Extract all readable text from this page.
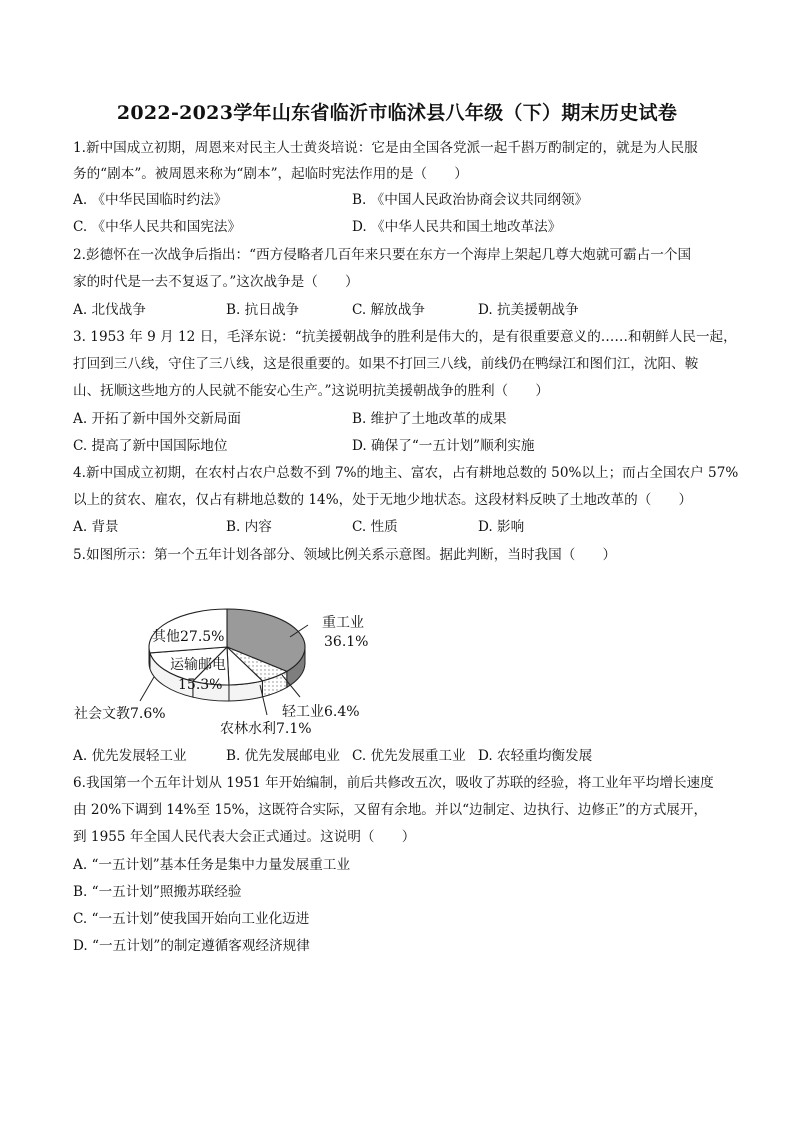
2022-2023学年山东省临沂市临沭县八年级（下）期末历史试卷
1.新中国成立初期，周恩来对民主人士黄炎培说：它是由全国各党派一起千斟万酌制定的，就是为人民服
务的“剧本”。被周恩来称为“剧本”，起临时宪法作用的是（　　）
A. 《中华民国临时约法》	B. 《中国人民政治协商会议共同纲领》
C. 《中华人民共和国宪法》	D. 《中华人民共和国土地改革法》
2.彭德怀在一次战争后指出：“西方侵略者几百年来只要在东方一个海岸上架起几尊大炮就可霸占一个国
家的时代是一去不复返了。”这次战争是（　　）
A. 北伐战争	B. 抗日战争	C. 解放战争	D. 抗美援朝战争
3. 1953 年 9 月 12 日，毛泽东说：“抗美援朝战争的胜利是伟大的，是有很重要意义的……和朝鲜人民一起，
打回到三八线，守住了三八线，这是很重要的。如果不打回三八线，前线仍在鸭绿江和图们江，沈阳、鞍
山、抚顺这些地方的人民就不能安心生产。”这说明抗美援朝战争的胜利（　　）
A. 开拓了新中国外交新局面	B. 维护了土地改革的成果
C. 提高了新中国国际地位	D. 确保了“一五计划”顺利实施
4.新中国成立初期，在农村占农户总数不到 7%的地主、富农，占有耕地总数的 50%以上；而占全国农户 57%
以上的贫农、雇农，仅占有耕地总数的 14%，处于无地少地状态。这段材料反映了土地改革的（　　）
A. 背景	B. 内容	C. 性质	D. 影响
5.如图所示：第一个五年计划各部分、领域比例关系示意图。据此判断，当时我国（　　）
重工业
36.1%
轻工业6.4%
农林水利7.1%
社会文教7.6%
运输邮电
15.3%
其他27.5%
A. 优先发展轻工业	B. 优先发展邮电业 C. 优先发展重工业 D. 农轻重均衡发展
6.我国第一个五年计划从 1951 年开始编制，前后共修改五次，吸收了苏联的经验，将工业年平均增长速度
由 20%下调到 14%至 15%，这既符合实际，又留有余地。并以“边制定、边执行、边修正”的方式展开，
到 1955 年全国人民代表大会正式通过。这说明（　　）
A. “一五计划”基本任务是集中力量发展重工业
B. “一五计划”照搬苏联经验
C. “一五计划”使我国开始向工业化迈进
D. “一五计划”的制定遵循客观经济规律
